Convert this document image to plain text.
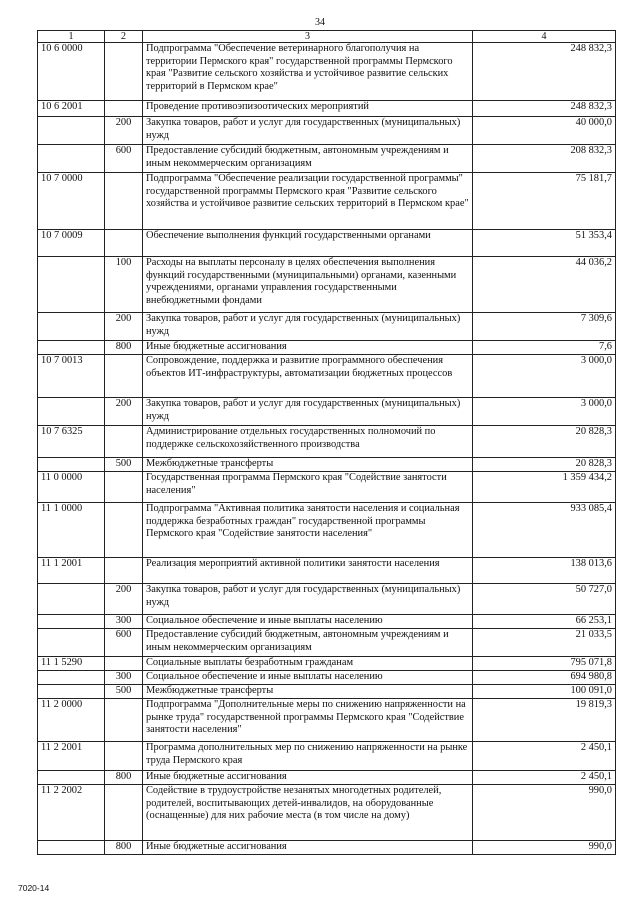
34
1	2	3	4
10 6 0000		Подпрограмма "Обеспечение ветеринарного благополучия на территории Пермского края" государственной программы Пермского края "Развитие сельского хозяйства и устойчивое развитие сельских территорий в Пермском крае"	248 832,3
10 6 2001		Проведение противоэпизоотических мероприятий	248 832,3
	200	Закупка товаров, работ и услуг для государственных (муниципальных) нужд	40 000,0
	600	Предоставление субсидий бюджетным, автономным учреждениям и иным некоммерческим организациям	208 832,3
10 7 0000		Подпрограмма "Обеспечение реализации государственной программы" государственной программы Пермского края "Развитие сельского хозяйства и устойчивое развитие сельских территорий в Пермском крае"	75 181,7
10 7 0009		Обеспечение выполнения функций государственными органами	51 353,4
	100	Расходы на выплаты персоналу в целях обеспечения выполнения функций государственными (муниципальными) органами, казенными учреждениями, органами управления государственными внебюджетными фондами	44 036,2
	200	Закупка товаров, работ и услуг для государственных (муниципальных) нужд	7 309,6
	800	Иные бюджетные ассигнования	7,6
10 7 0013		Сопровождение, поддержка и развитие программного обеспечения объектов ИТ-инфраструктуры, автоматизации бюджетных процессов	3 000,0
	200	Закупка товаров, работ и услуг для государственных (муниципальных) нужд	3 000,0
10 7 6325		Администрирование отдельных государственных полномочий по поддержке сельскохозяйственного производства	20 828,3
	500	Межбюджетные трансферты	20 828,3
11 0 0000		Государственная программа Пермского края "Содействие занятости населения"	1 359 434,2
11 1 0000		Подпрограмма "Активная политика занятости населения и социальная поддержка безработных граждан" государственной программы Пермского края "Содействие занятости населения"	933 085,4
11 1 2001		Реализация мероприятий активной политики занятости населения	138 013,6
	200	Закупка товаров, работ и услуг для государственных (муниципальных) нужд	50 727,0
	300	Социальное обеспечение и иные выплаты населению	66 253,1
	600	Предоставление субсидий бюджетным, автономным учреждениям и иным некоммерческим организациям	21 033,5
11 1 5290		Социальные выплаты безработным гражданам	795 071,8
	300	Социальное обеспечение и иные выплаты населению	694 980,8
	500	Межбюджетные трансферты	100 091,0
11 2 0000		Подпрограмма "Дополнительные меры по снижению напряженности на рынке труда" государственной программы Пермского края "Содействие занятости населения"	19 819,3
11 2 2001		Программа дополнительных мер по снижению напряженности на рынке труда Пермского края	2 450,1
	800	Иные бюджетные ассигнования	2 450,1
11 2 2002		Содействие в трудоустройстве незанятых многодетных родителей, родителей, воспитывающих детей-инвалидов, на оборудованные (оснащенные) для них рабочие места (в том числе на дому)	990,0
	800	Иные бюджетные ассигнования	990,0
7020-14
